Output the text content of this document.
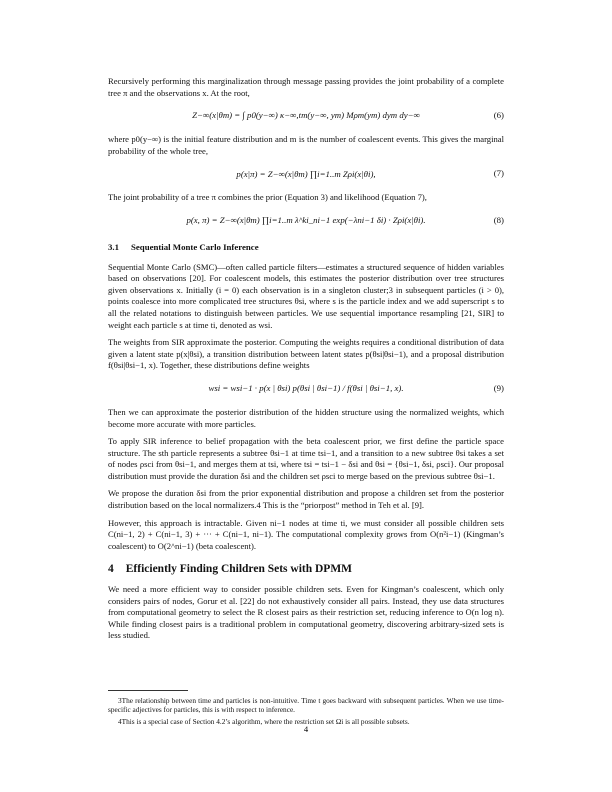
Recursively performing this marginalization through message passing provides the joint probability of a complete tree π and the observations x. At the root,

Z−∞(x|θm) = ∫ p0(y−∞) κ−∞,tm(y−∞, ym) Mρm(ym) dym dy−∞	(6)

where p0(y−∞) is the initial feature distribution and m is the number of coalescent events. This gives the marginal probability of the whole tree,

p(x|π) = Z−∞(x|θm) ∏i=1..m Zρi(x|θi),	(7)

The joint probability of a tree π combines the prior (Equation 3) and likelihood (Equation 7),

p(x, π) = Z−∞(x|θm) ∏i=1..m λ^ki_ni−1 exp(−λni−1 δi) · Zρi(x|θi).	(8)
3.1 Sequential Monte Carlo Inference

Sequential Monte Carlo (SMC)—often called particle filters—estimates a structured sequence of hidden variables based on observations [20]. For coalescent models, this estimates the posterior distribution over tree structures given observations x. Initially (i = 0) each observation is in a singleton cluster;3 in subsequent particles (i > 0), points coalesce into more complicated tree structures θsi, where s is the particle index and we add superscript s to all the related notations to distinguish between particles. We use sequential importance resampling [21, SIR] to weight each particle s at time ti, denoted as wsi.

The weights from SIR approximate the posterior. Computing the weights requires a conditional distribution of data given a latent state p(x|θsi), a transition distribution between latent states p(θsi|θsi−1), and a proposal distribution f(θsi|θsi−1, x). Together, these distributions define weights

wsi = wsi−1 · p(x | θsi) p(θsi | θsi−1) / f(θsi | θsi−1, x).	(9)

Then we can approximate the posterior distribution of the hidden structure using the normalized weights, which become more accurate with more particles.

To apply SIR inference to belief propagation with the beta coalescent prior, we first define the particle space structure. The sth particle represents a subtree θsi−1 at time tsi−1, and a transition to a new subtree θsi takes a set of nodes ρsci from θsi−1, and merges them at tsi, where tsi = tsi−1 − δsi and θsi = {θsi−1, δsi, ρsci}. Our proposal distribution must provide the duration δsi and the children set ρsci to merge based on the previous subtree θsi−1.

We propose the duration δsi from the prior exponential distribution and propose a children set from the posterior distribution based on the local normalizers.4 This is the “priorpost” method in Teh et al. [9].

However, this approach is intractable. Given ni−1 nodes at time ti, we must consider all possible children sets C(ni−1, 2) + C(ni−1, 3) + ··· + C(ni−1, ni−1). The computational complexity grows from O(n²i−1) (Kingman’s coalescent) to O(2^ni−1) (beta coalescent).

4 Efficiently Finding Children Sets with DPMM

We need a more efficient way to consider possible children sets. Even for Kingman’s coalescent, which only considers pairs of nodes, Gorur et al. [22] do not exhaustively consider all pairs. Instead, they use data structures from computational geometry to select the R closest pairs as their restriction set, reducing inference to O(n log n). While finding closest pairs is a traditional problem in computational geometry, discovering arbitrary-sized sets is less studied.

3The relationship between time and particles is non-intuitive. Time t goes backward with subsequent particles. When we use time-specific adjectives for particles, this is with respect to inference.

4This is a special case of Section 4.2’s algorithm, where the restriction set Ωi is all possible subsets.

4
